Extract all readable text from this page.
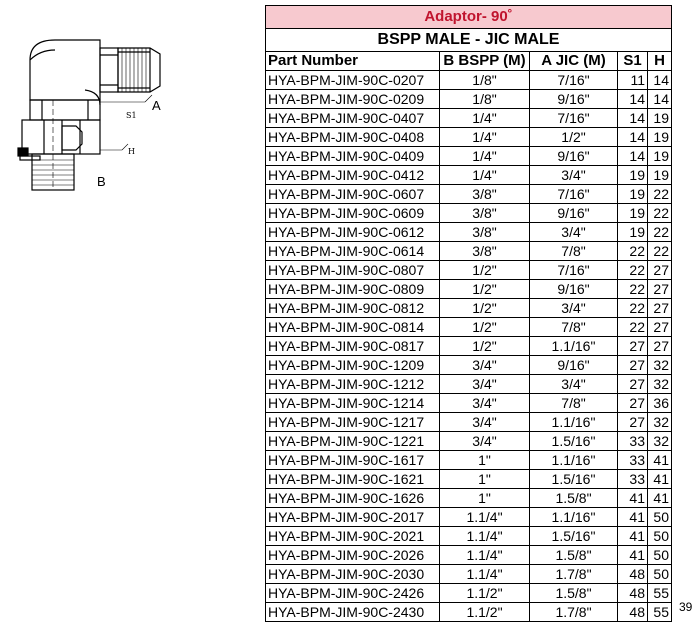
A
S1
H
B
Adaptor- 90˚				
BSPP MALE - JIC MALE				
Part Number	B BSPP (M)	A JIC (M)	S1	H
HYA-BPM-JIM-90C-0207	1/8"	7/16"	11	14
HYA-BPM-JIM-90C-0209	1/8"	9/16"	14	14
HYA-BPM-JIM-90C-0407	1/4"	7/16"	14	19
HYA-BPM-JIM-90C-0408	1/4"	1/2"	14	19
HYA-BPM-JIM-90C-0409	1/4"	9/16"	14	19
HYA-BPM-JIM-90C-0412	1/4"	3/4"	19	19
HYA-BPM-JIM-90C-0607	3/8"	7/16"	19	22
HYA-BPM-JIM-90C-0609	3/8"	9/16"	19	22
HYA-BPM-JIM-90C-0612	3/8"	3/4"	19	22
HYA-BPM-JIM-90C-0614	3/8"	7/8"	22	22
HYA-BPM-JIM-90C-0807	1/2"	7/16"	22	27
HYA-BPM-JIM-90C-0809	1/2"	9/16"	22	27
HYA-BPM-JIM-90C-0812	1/2"	3/4"	22	27
HYA-BPM-JIM-90C-0814	1/2"	7/8"	22	27
HYA-BPM-JIM-90C-0817	1/2"	1.1/16"	27	27
HYA-BPM-JIM-90C-1209	3/4"	9/16"	27	32
HYA-BPM-JIM-90C-1212	3/4"	3/4"	27	32
HYA-BPM-JIM-90C-1214	3/4"	7/8"	27	36
HYA-BPM-JIM-90C-1217	3/4"	1.1/16"	27	32
HYA-BPM-JIM-90C-1221	3/4"	1.5/16"	33	32
HYA-BPM-JIM-90C-1617	1"	1.1/16"	33	41
HYA-BPM-JIM-90C-1621	1"	1.5/16"	33	41
HYA-BPM-JIM-90C-1626	1"	1.5/8"	41	41
HYA-BPM-JIM-90C-2017	1.1/4"	1.1/16"	41	50
HYA-BPM-JIM-90C-2021	1.1/4"	1.5/16"	41	50
HYA-BPM-JIM-90C-2026	1.1/4"	1.5/8"	41	50
HYA-BPM-JIM-90C-2030	1.1/4"	1.7/8"	48	50
HYA-BPM-JIM-90C-2426	1.1/2"	1.5/8"	48	55
HYA-BPM-JIM-90C-2430	1.1/2"	1.7/8"	48	55 39
